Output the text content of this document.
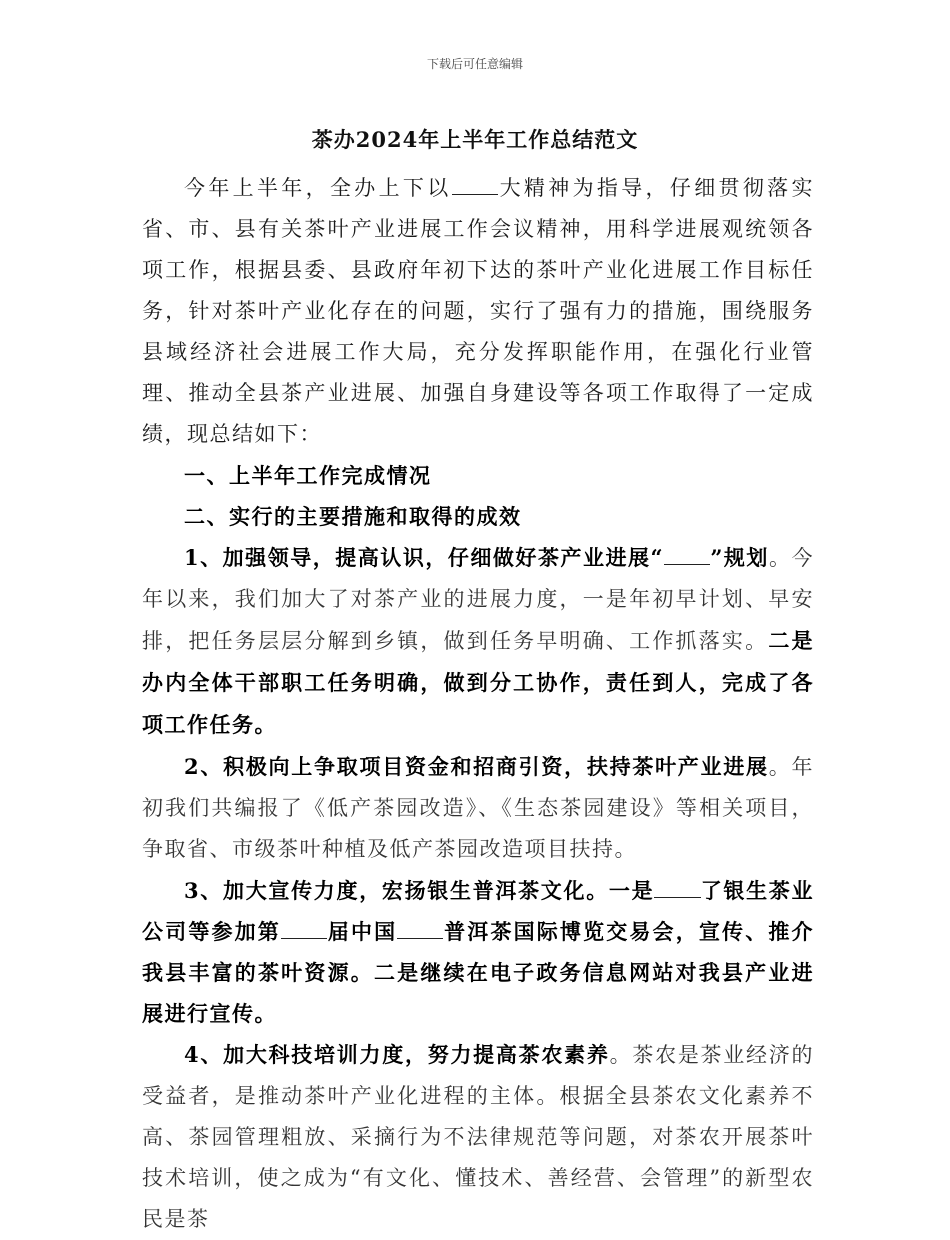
下载后可任意编辑
茶办2024年上半年工作总结范文

今年上半年，全办上下以 大精神为指导，仔细贯彻落实省、市、县有关茶叶产业进展工作会议精神，用科学进展观统领各项工作，根据县委、县政府年初下达的茶叶产业化进展工作目标任务，针对茶叶产业化存在的问题，实行了强有力的措施，围绕服务县域经济社会进展工作大局，充分发挥职能作用，在强化行业管理、推动全县茶产业进展、加强自身建设等各项工作取得了一定成绩，现总结如下：

一、上半年工作完成情况

二、实行的主要措施和取得的成效

1、加强领导，提高认识，仔细做好茶产业进展“ ”规划。今年以来，我们加大了对茶产业的进展力度，一是年初早计划、早安排，把任务层层分解到乡镇，做到任务早明确、工作抓落实。二是办内全体干部职工任务明确，做到分工协作，责任到人，完成了各项工作任务。

2、积极向上争取项目资金和招商引资，扶持茶叶产业进展。年初我们共编报了《低产茶园改造》、《生态茶园建设》等相关项目，争取省、市级茶叶种植及低产茶园改造项目扶持。

3、加大宣传力度，宏扬银生普洱茶文化。一是 了银生茶业公司等参加第 届中国 普洱茶国际博览交易会，宣传、推介我县丰富的茶叶资源。二是继续在电子政务信息网站对我县产业进展进行宣传。

4、加大科技培训力度，努力提高茶农素养。茶农是茶业经济的受益者，是推动茶叶产业化进程的主体。根据全县茶农文化素养不高、茶园管理粗放、采摘行为不法律规范等问题，对茶农开展茶叶技术培训，使之成为“有文化、懂技术、善经营、会管理”的新型农民是茶
